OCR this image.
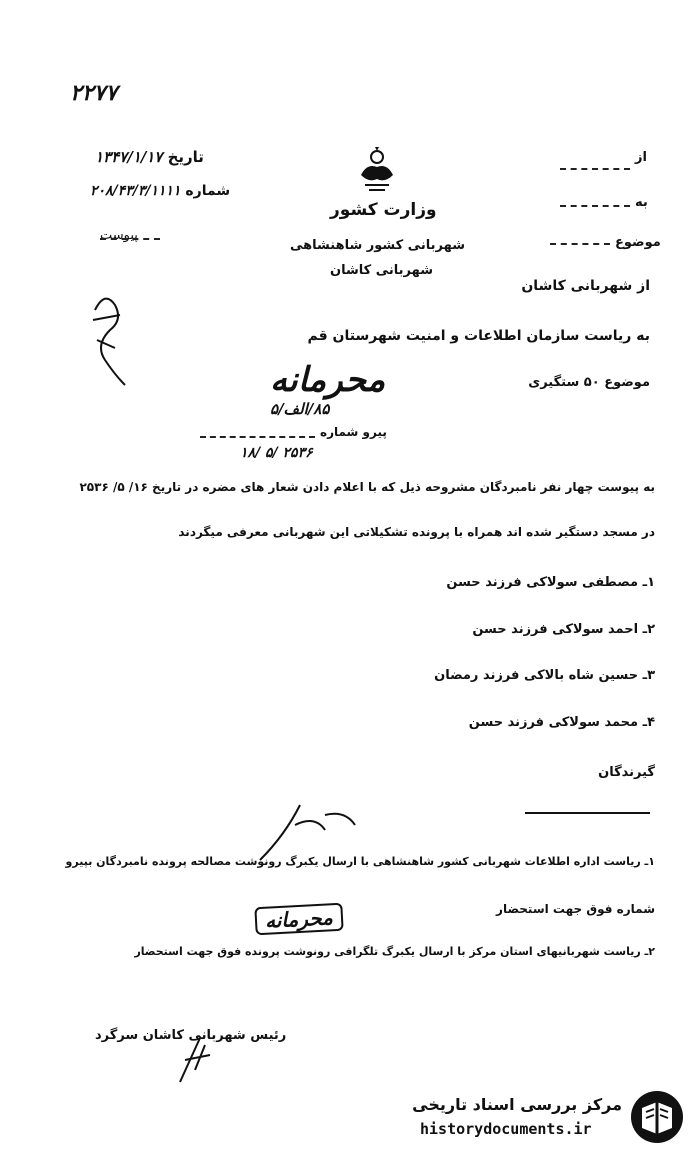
۲۲۷۷
تاریخ ۱۳۴۷/۱/۱۷
شماره ۲۰۸/۴۳/۳/۱۱۱۱
پیوست
وزارت کشور
شهربانی کشور شاهنشاهی
شهربانی کاشان
از
به
موضوع
از شهربانی کاشان
به ریاست سازمان اطلاعات و امنیت شهرستان قم
موضوع ۵۰ ستگیری
محرمانه
۸۵/الف/۵
پیرو شماره
۱۸/ ۵/ ۲۵۳۶
به پیوست چهار نفر نامبردگان مشروحه ذیل که با اعلام دادن شعار های مضره در تاریخ ۱۶/ ۵/ ۲۵۳۶
در مسجد دستگیر شده اند همراه با پرونده تشکیلاتی این شهربانی معرفی میگردند
۱ـ مصطفی سولاکی فرزند حسن
۲ـ احمد سولاکی فرزند حسن
۳ـ حسین شاه بالاکی فرزند رمضان
۴ـ محمد سولاکی فرزند حسن
گیرندگان
۱ـ ریاست اداره اطلاعات شهربانی کشور شاهنشاهی با ارسال یکبرگ رونوشت مصالحه پرونده نامبردگان بپیرو
شماره فوق جهت استحضار
محرمانه
۲ـ ریاست شهربانیهای استان مرکز با ارسال یکبرگ تلگرافی رونوشت پرونده فوق جهت استحضار
رئیس شهربانی کاشان سرگرد
مرکز بررسی اسناد تاریخی
historydocuments.ir
